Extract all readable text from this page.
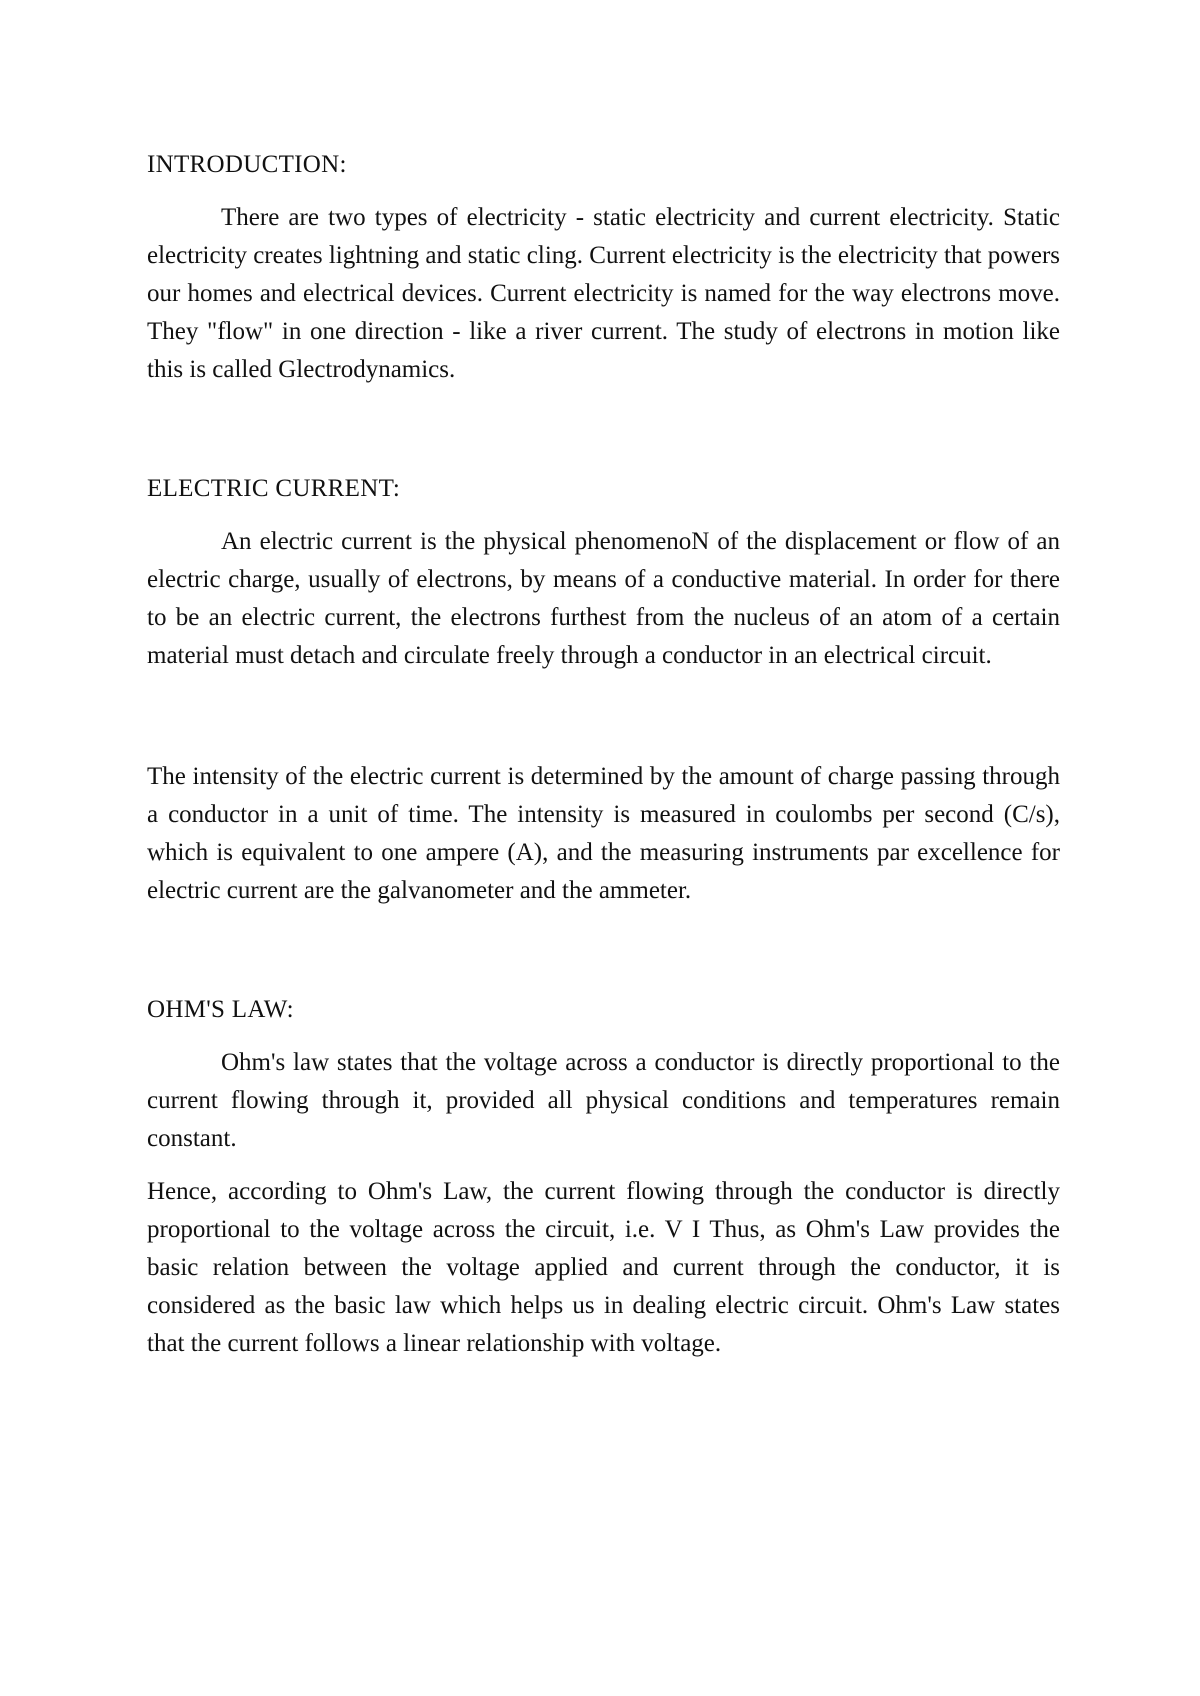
INTRODUCTION:

There are two types of electricity - static electricity and current electricity. Static electricity creates lightning and static cling. Current electricity is the electricity that powers our homes and electrical devices. Current electricity is named for the way electrons move. They "flow" in one direction - like a river current. The study of electrons in motion like this is called Glectrodynamics.

ELECTRIC CURRENT:

An electric current is the physical phenomenoN of the displacement or flow of an electric charge, usually of electrons, by means of a conductive material. In order for there to be an electric current, the electrons furthest from the nucleus of an atom of a certain material must detach and circulate freely through a conductor in an electrical circuit.

The intensity of the electric current is determined by the amount of charge passing through a conductor in a unit of time. The intensity is measured in coulombs per second (C/s), which is equivalent to one ampere (A), and the measuring instruments par excellence for electric current are the galvanometer and the ammeter.

OHM'S LAW:

Ohm's law states that the voltage across a conductor is directly proportional to the current flowing through it, provided all physical conditions and temperatures remain constant.

Hence, according to Ohm's Law, the current flowing through the conductor is directly proportional to the voltage across the circuit, i.e. V I Thus, as Ohm's Law provides the basic relation between the voltage applied and current through the conductor, it is considered as the basic law which helps us in dealing electric circuit. Ohm's Law states that the current follows a linear relationship with voltage.
